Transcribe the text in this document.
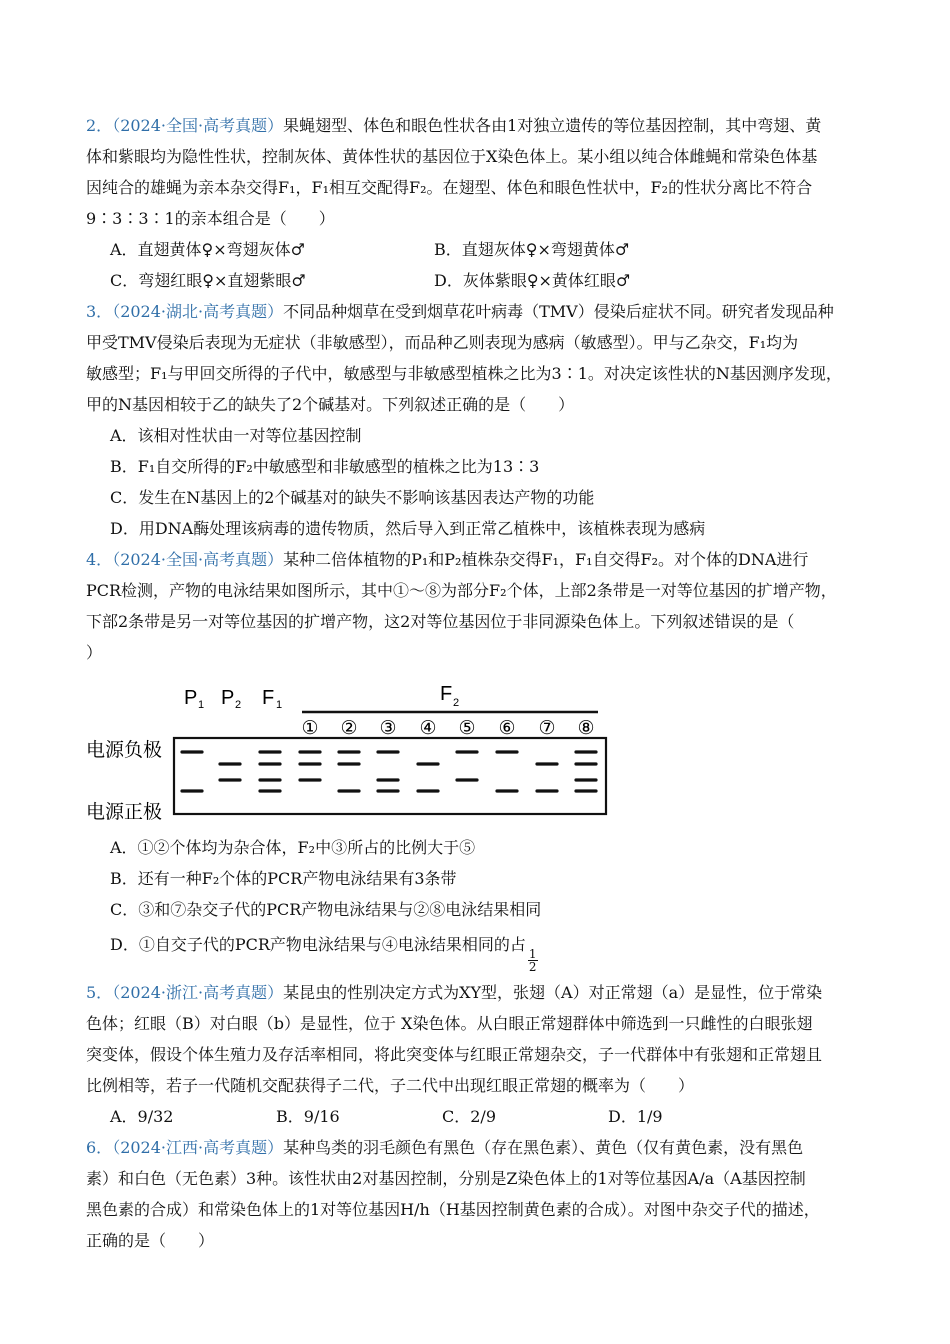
2．（2024·全国·高考真题）果蝇翅型、体色和眼色性状各由1对独立遗传的等位基因控制，其中弯翅、黄
体和紫眼均为隐性性状，控制灰体、黄体性状的基因位于X染色体上。某小组以纯合体雌蝇和常染色体基
因纯合的雄蝇为亲本杂交得F₁，F₁相互交配得F₂。在翅型、体色和眼色性状中，F₂的性状分离比不符合
9∶3∶3∶1的亲本组合是（　　）

A．直翅黄体♀×弯翅灰体♂	B．直翅灰体♀×弯翅黄体♂
C．弯翅红眼♀×直翅紫眼♂	D．灰体紫眼♀×黄体红眼♂

3．（2024·湖北·高考真题）不同品种烟草在受到烟草花叶病毒（TMV）侵染后症状不同。研究者发现品种
甲受TMV侵染后表现为无症状（非敏感型），而品种乙则表现为感病（敏感型）。甲与乙杂交，F₁均为
敏感型；F₁与甲回交所得的子代中，敏感型与非敏感型植株之比为3∶1。对决定该性状的N基因测序发现，
甲的N基因相较于乙的缺失了2个碱基对。下列叙述正确的是（　　）

A．该相对性状由一对等位基因控制
B．F₁自交所得的F₂中敏感型和非敏感型的植株之比为13∶3
C．发生在N基因上的2个碱基对的缺失不影响该基因表达产物的功能
D．用DNA酶处理该病毒的遗传物质，然后导入到正常乙植株中，该植株表现为感病

4．（2024·全国·高考真题）某种二倍体植物的P₁和P₂植株杂交得F₁，F₁自交得F₂。对个体的DNA进行
PCR检测，产物的电泳结果如图所示，其中①～⑧为部分F₂个体，上部2条带是一对等位基因的扩增产物，
下部2条带是另一对等位基因的扩增产物，这2对等位基因位于非同源染色体上。下列叙述错误的是（
）

P 1 P 2 F 1	F 2
① ② ③ ④ ⑤ ⑥ ⑦ ⑧
电源负极
电源正极
A．①②个体均为杂合体，F₂中③所占的比例大于⑤
B．还有一种F₂个体的PCR产物电泳结果有3条带
C．③和⑦杂交子代的PCR产物电泳结果与②⑧电泳结果相同
D．①自交子代的PCR产物电泳结果与④电泳结果相同的占
$\frac{1}{2}$

5．（2024·浙江·高考真题）某昆虫的性别决定方式为XY型，张翅（A）对正常翅（a）是显性，位于常染
色体；红眼（B）对白眼（b）是显性，位于 X染色体。从白眼正常翅群体中筛选到一只雌性的白眼张翅
突变体，假设个体生殖力及存活率相同，将此突变体与红眼正常翅杂交，子一代群体中有张翅和正常翅且
比例相等，若子一代随机交配获得子二代，子二代中出现红眼正常翅的概率为（　　）

A．9/32	B．9/16	C．2/9	D．1/9

6．（2024·江西·高考真题）某种鸟类的羽毛颜色有黑色（存在黑色素）、黄色（仅有黄色素，没有黑色
素）和白色（无色素）3种。该性状由2对基因控制，分别是Z染色体上的1对等位基因A/a（A基因控制
黑色素的合成）和常染色体上的1对等位基因H/h（H基因控制黄色素的合成）。对图中杂交子代的描述，
正确的是（　　）
